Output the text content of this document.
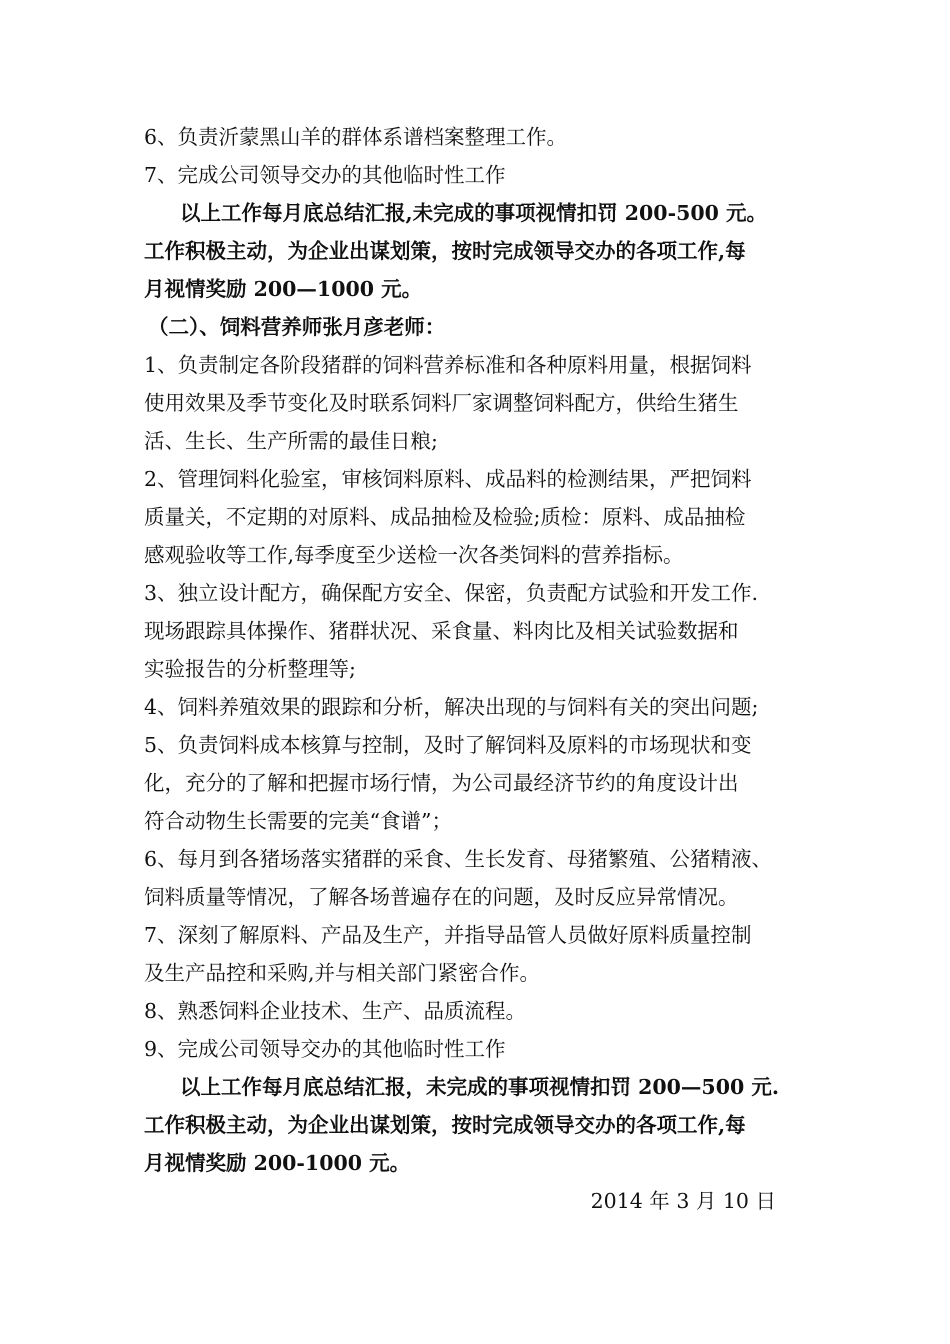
6、负责沂蒙黑山羊的群体系谱档案整理工作。
7、完成公司领导交办的其他临时性工作
以上工作每月底总结汇报,未完成的事项视情扣罚 200-500 元。
工作积极主动，为企业出谋划策，按时完成领导交办的各项工作,每
月视情奖励 200—1000 元。
（二）、饲料营养师张月彦老师：
1、负责制定各阶段猪群的饲料营养标准和各种原料用量，根据饲料
使用效果及季节变化及时联系饲料厂家调整饲料配方，供给生猪生
活、生长、生产所需的最佳日粮;
2、管理饲料化验室，审核饲料原料、成品料的检测结果，严把饲料
质量关，不定期的对原料、成品抽检及检验;质检：原料、成品抽检
感观验收等工作,每季度至少送检一次各类饲料的营养指标。
3、独立设计配方，确保配方安全、保密，负责配方试验和开发工作.
现场跟踪具体操作、猪群状况、采食量、料肉比及相关试验数据和
实验报告的分析整理等;
4、饲料养殖效果的跟踪和分析，解决出现的与饲料有关的突出问题;
5、负责饲料成本核算与控制，及时了解饲料及原料的市场现状和变
化，充分的了解和把握市场行情，为公司最经济节约的角度设计出
符合动物生长需要的完美“食谱”；
6、每月到各猪场落实猪群的采食、生长发育、母猪繁殖、公猪精液、
饲料质量等情况，了解各场普遍存在的问题，及时反应异常情况。
7、深刻了解原料、产品及生产，并指导品管人员做好原料质量控制
及生产品控和采购,并与相关部门紧密合作。
8、熟悉饲料企业技术、生产、品质流程。
9、完成公司领导交办的其他临时性工作
以上工作每月底总结汇报，未完成的事项视情扣罚 200—500 元.
工作积极主动，为企业出谋划策，按时完成领导交办的各项工作,每
月视情奖励 200-1000 元。
2014 年 3 月 10 日
